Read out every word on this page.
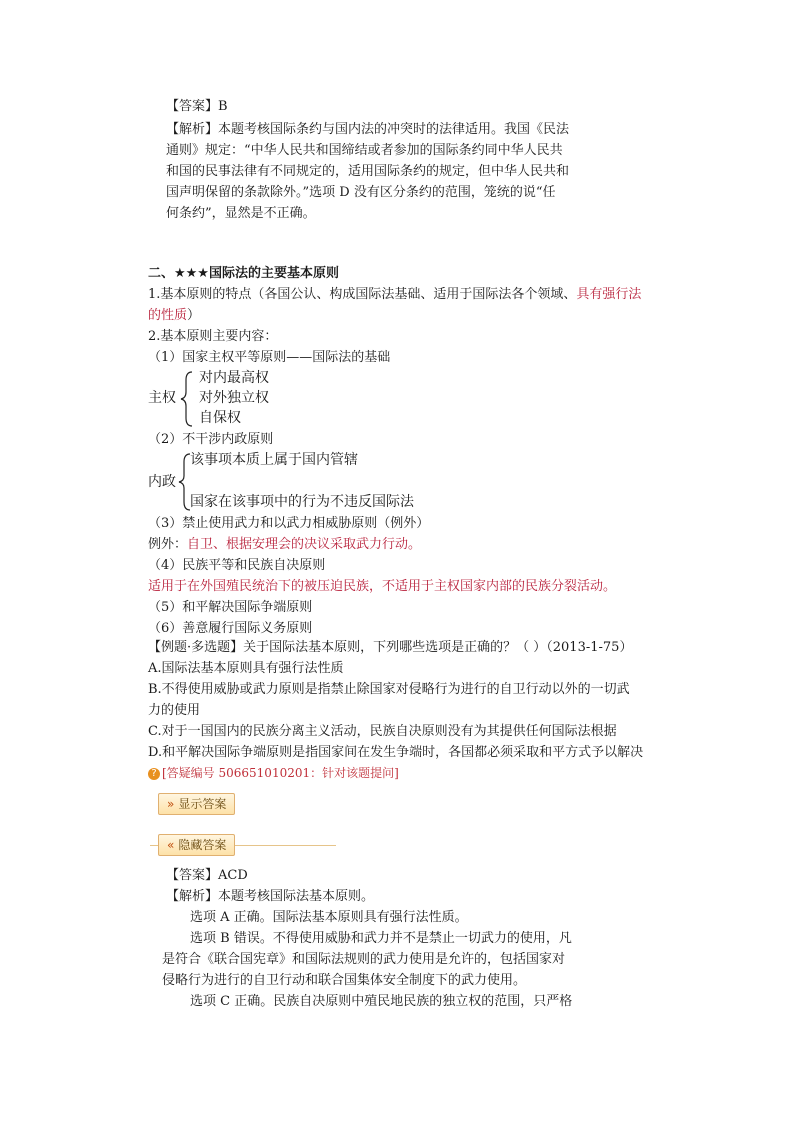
【答案】B
【解析】本题考核国际条约与国内法的冲突时的法律适用。我国《民法
通则》规定：“中华人民共和国缔结或者参加的国际条约同中华人民共
和国的民事法律有不同规定的，适用国际条约的规定，但中华人民共和
国声明保留的条款除外。”选项 D 没有区分条约的范围，笼统的说“任
何条约”，显然是不正确。
二、★★★国际法的主要基本原则
1.基本原则的特点（各国公认、构成国际法基础、适用于国际法各个领域、具有强行法
的性质）
2.基本原则主要内容：
（1）国家主权平等原则——国际法的基础
主权
对内最高权
对外独立权
自保权
（2）不干涉内政原则
内政
该事项本质上属于国内管辖
国家在该事项中的行为不违反国际法
（3）禁止使用武力和以武力相威胁原则（例外）
例外：自卫、根据安理会的决议采取武力行动。
（4）民族平等和民族自决原则
适用于在外国殖民统治下的被压迫民族，不适用于主权国家内部的民族分裂活动。
（5）和平解决国际争端原则
（6）善意履行国际义务原则
【例题·多选题】关于国际法基本原则，下列哪些选项是正确的？（ ）（2013-1-75）
A.国际法基本原则具有强行法性质
B.不得使用威胁或武力原则是指禁止除国家对侵略行为进行的自卫行动以外的一切武
力的使用
C.对于一国国内的民族分离主义活动，民族自决原则没有为其提供任何国际法根据
D.和平解决国际争端原则是指国家间在发生争端时，各国都必须采取和平方式予以解决
? [答疑编号 506651010201：针对该题提问]
» 显示答案
« 隐藏答案
【答案】ACD
【解析】本题考核国际法基本原则。
选项 A 正确。国际法基本原则具有强行法性质。
选项 B 错误。不得使用威胁和武力并不是禁止一切武力的使用，凡
是符合《联合国宪章》和国际法规则的武力使用是允许的，包括国家对
侵略行为进行的自卫行动和联合国集体安全制度下的武力使用。
选项 C 正确。民族自决原则中殖民地民族的独立权的范围，只严格
